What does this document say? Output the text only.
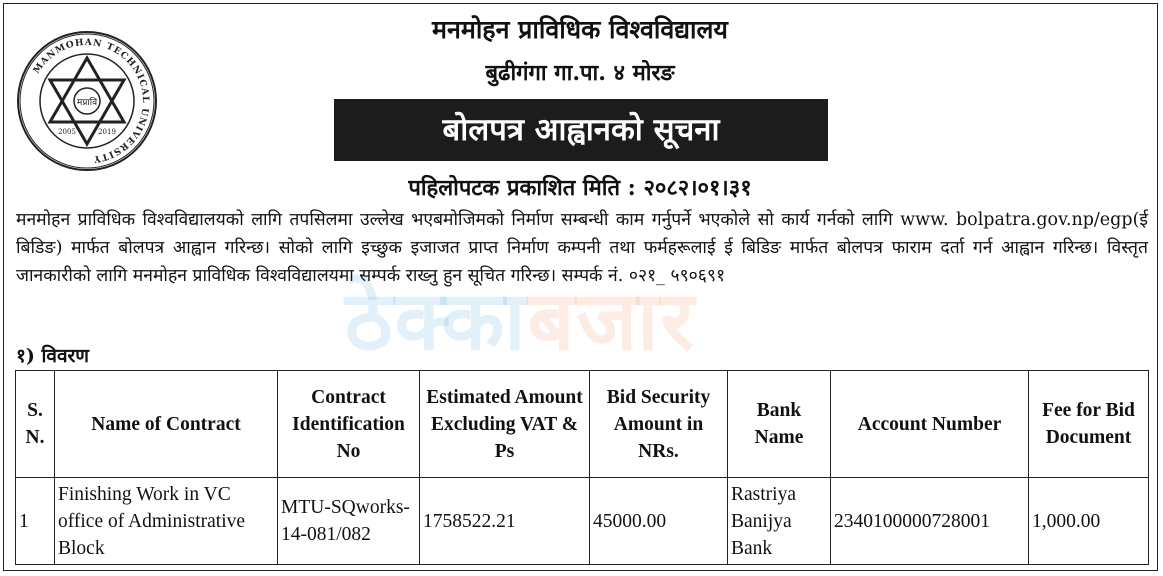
MANMOHAN TECHNICAL UNIVERSITY
मप्रावि
2005	2019
मनमोहन प्राविधिक विश्वविद्यालय
बुढीगंगा गा.पा. ४ मोरङ
बोलपत्र आह्वानको सूचना
पहिलोपटक प्रकाशित मिति : २०८२।०१।३१
ठेक्काबजार
मनमोहन प्राविधिक विश्वविद्यालयको लागि तपसिलमा उल्लेख भएबमोजिमको निर्माण सम्बन्धी काम गर्नुपर्ने भएकोले सो कार्य गर्नको लागि www. bolpatra.gov.np/egp(ई बिडिङ) मार्फत बोलपत्र आह्वान गरिन्छ। सोको लागि इच्छुक इजाजत प्राप्त निर्माण कम्पनी तथा फर्महरूलाई ई बिडिङ मार्फत बोलपत्र फाराम दर्ता गर्न आह्वान गरिन्छ। विस्तृत जानकारीको लागि मनमोहन प्राविधिक विश्वविद्यालयमा सम्पर्क राख्नु हुन सूचित गरिन्छ। सम्पर्क नं. ०२१_ ५९०६९१
१) विवरण
S. N.	Name of Contract	Contract Identification No	Estimated Amount Excluding VAT & Ps	Bid Security Amount in NRs.	Bank Name	Account Number	Fee for Bid Document
1	Finishing Work in VC office of Administrative Block	MTU-SQworks- 14-081/082	1758522.21	45000.00	Rastriya Banijya Bank	2340100000728001	1,000.00
